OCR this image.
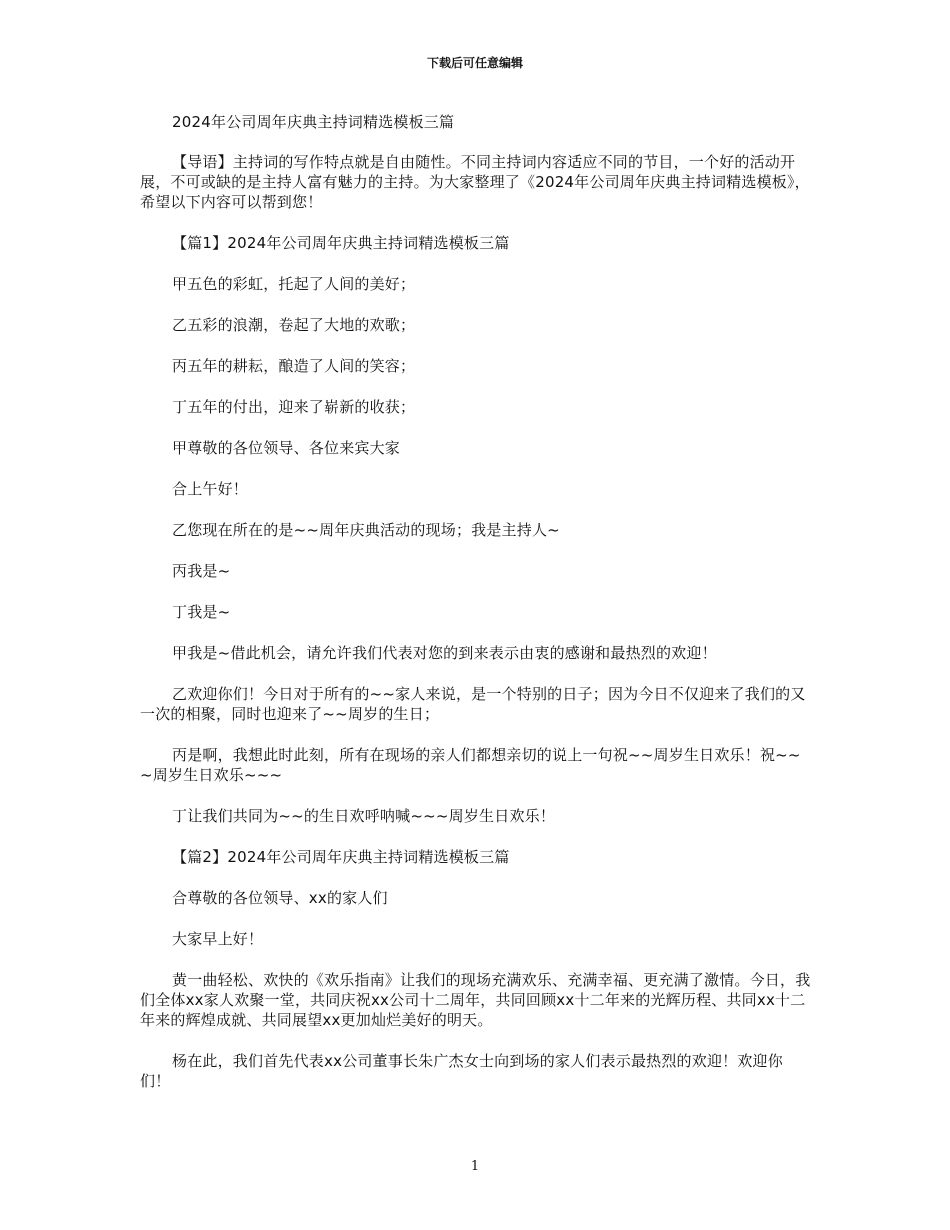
下载后可任意编辑

2024年公司周年庆典主持词精选模板三篇

【导语】主持词的写作特点就是自由随性。不同主持词内容适应不同的节目，一个好的活动开展，不可或缺的是主持人富有魅力的主持。为大家整理了《2024年公司周年庆典主持词精选模板》，希望以下内容可以帮到您！

【篇1】2024年公司周年庆典主持词精选模板三篇

甲五色的彩虹，托起了人间的美好；

乙五彩的浪潮，卷起了大地的欢歌；

丙五年的耕耘，酿造了人间的笑容；

丁五年的付出，迎来了崭新的收获；

甲尊敬的各位领导、各位来宾大家

合上午好！

乙您现在所在的是~~周年庆典活动的现场；我是主持人~

丙我是~

丁我是~

甲我是~借此机会，请允许我们代表对您的到来表示由衷的感谢和最热烈的欢迎！

乙欢迎你们！今日对于所有的~~家人来说，是一个特别的日子；因为今日不仅迎来了我们的又一次的相聚，同时也迎来了~~周岁的生日；

丙是啊，我想此时此刻，所有在现场的亲人们都想亲切的说上一句祝~~周岁生日欢乐！祝~~~周岁生日欢乐~~~

丁让我们共同为~~的生日欢呼呐喊~~~周岁生日欢乐！

【篇2】2024年公司周年庆典主持词精选模板三篇

合尊敬的各位领导、xx的家人们

大家早上好！

黄一曲轻松、欢快的《欢乐指南》让我们的现场充满欢乐、充满幸福、更充满了激情。今日，我们全体xx家人欢聚一堂，共同庆祝xx公司十二周年，共同回顾xx十二年来的光辉历程、共同xx十二年来的辉煌成就、共同展望xx更加灿烂美好的明天。

杨在此，我们首先代表xx公司董事长朱广杰女士向到场的家人们表示最热烈的欢迎！欢迎你们！

1
